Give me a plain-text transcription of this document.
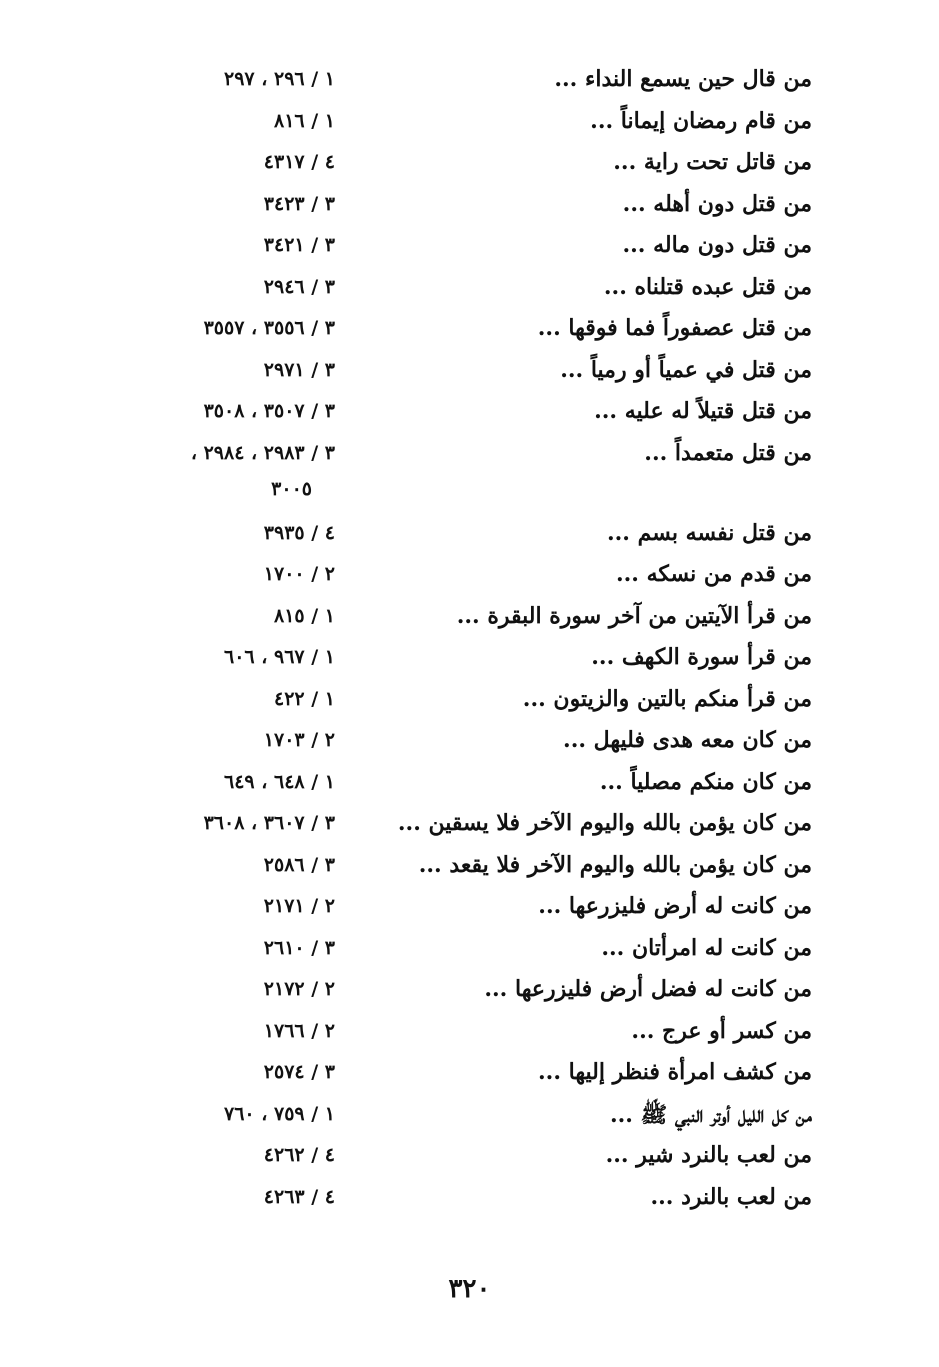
من قال حين يسمع النداء ...
١ / ٢٩٦ ، ٢٩٧
من قام رمضان إيماناً ...
١ / ٨١٦
من قاتل تحت راية ...
٤ / ٤٣١٧
من قتل دون أهله ...
٣ / ٣٤٢٣
من قتل دون ماله ...
٣ / ٣٤٢١
من قتل عبده قتلناه ...
٣ / ٢٩٤٦
من قتل عصفوراً فما فوقها ...
٣ / ٣٥٥٦ ، ٣٥٥٧
من قتل في عمياً أو رمياً ...
٣ / ٢٩٧١
من قتل قتيلاً له عليه ...
٣ / ٣٥٠٧ ، ٣٥٠٨
من قتل متعمداً ...
٣ / ٢٩٨٣ ، ٢٩٨٤ ،
٣٠٠٥
من قتل نفسه بسم ...
٤ / ٣٩٣٥
من قدم من نسكه ...
٢ / ١٧٠٠
من قرأ الآيتين من آخر سورة البقرة ...
١ / ٨١٥
من قرأ سورة الكهف ...
١ / ٩٦٧ ، ٦٠٦
من قرأ منكم بالتين والزيتون ...
١ / ٤٢٢
من كان معه هدى فليهل ...
٢ / ١٧٠٣
من كان منكم مصلياً ...
١ / ٦٤٨ ، ٦٤٩
من كان يؤمن بالله واليوم الآخر فلا يسقين ...
٣ / ٣٦٠٧ ، ٣٦٠٨
من كان يؤمن بالله واليوم الآخر فلا يقعد ...
٣ / ٢٥٨٦
من كانت له أرض فليزرعها ...
٢ / ٢١٧١
من كانت له امرأتان ...
٣ / ٢٦١٠
من كانت له فضل أرض فليزرعها ...
٢ / ٢١٧٢
من كسر أو عرج ...
٢ / ١٧٦٦
من كشف امرأة فنظر إليها ...
٣ / ٢٥٧٤
من كل الليل أوتر النبي ﷺ ...
١ / ٧٥٩ ، ٧٦٠
من لعب بالنرد شير ...
٤ / ٤٢٦٢
من لعب بالنرد ...
٤ / ٤٢٦٣
٣٢٠
